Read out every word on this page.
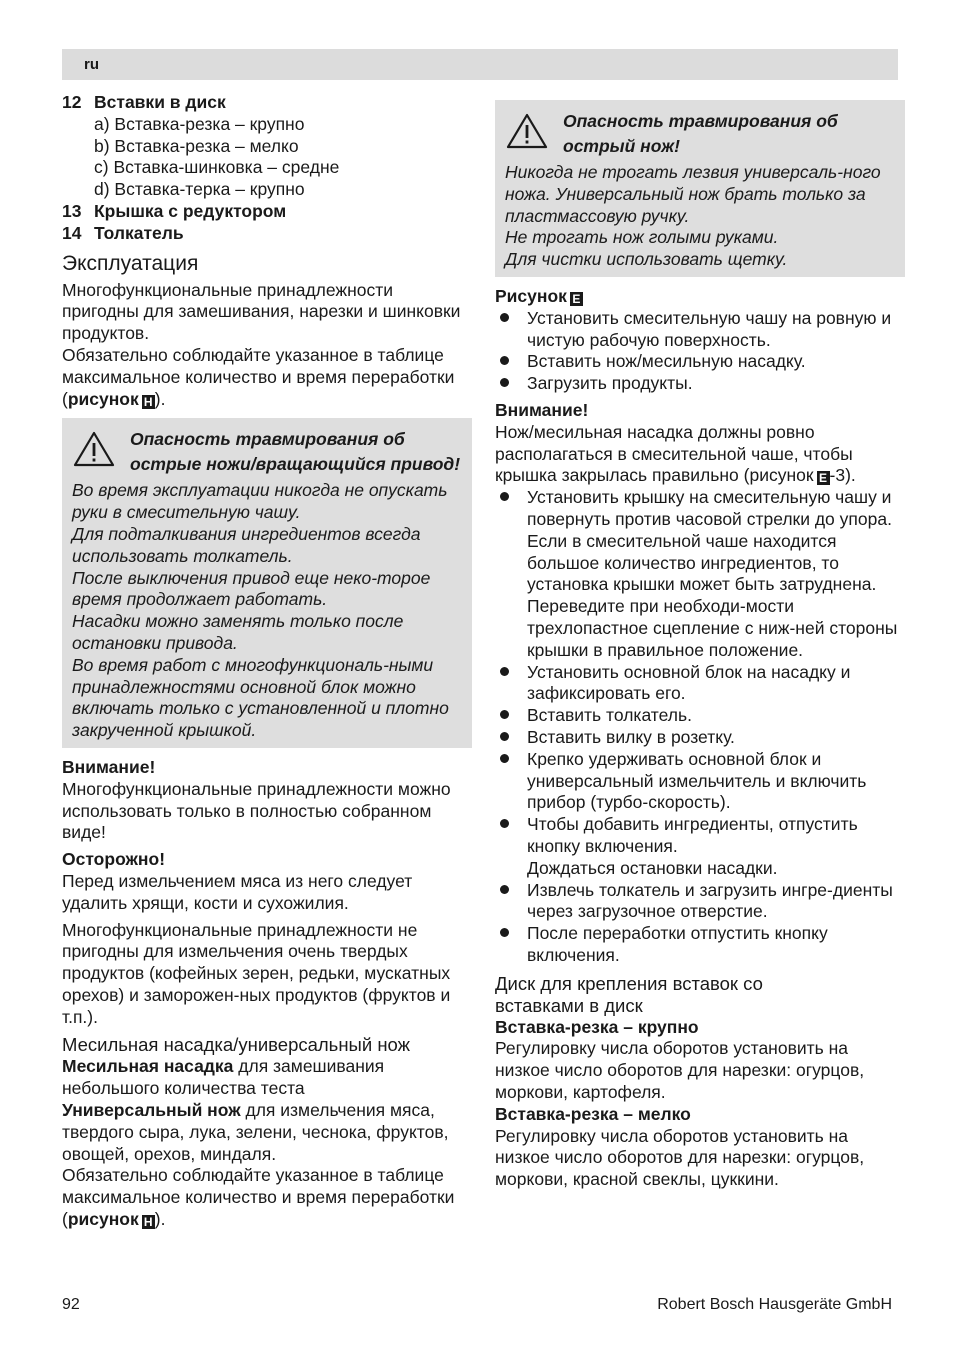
ru
12 Вставки в диск

a) Вставка-резка – крупно

b) Вставка-резка – мелко

c) Вставка-шинковка – средне

d) Вставка-терка – крупно

13 Крышка с редуктором
14 Толкатель
Эксплуатация

Многофункциональные принадлежности пригодны для замешивания, нарезки и шинковки продуктов.

Обязательно соблюдайте указанное в таблице максимальное количество и время переработки (рисунок H ).

Опасность травмирования об острые ножи/вращающийся привод!

Во время эксплуатации никогда не опускать руки в смесительную чашу.

Для подталкивания ингредиентов всегда использовать толкатель.

После выключения привод еще неко-торое время продолжает работать.

Насадки можно заменять только после остановки привода.

Во время работ с многофункциональ-ными принадлежностями основной блок можно включать только с установленной и плотно закрученной крышкой.

Внимание!

Многофункциональные принадлежности можно использовать только в полностью собранном виде!

Осторожно!

Перед измельчением мяса из него следует удалить хрящи, кости и сухожилия.

Многофункциональные принадлежности не пригодны для измельчения очень твердых продуктов (кофейных зерен, редьки, мускатных орехов) и заморожен-ных продуктов (фруктов и т.п.).

Месильная насадка/универсальный нож

Месильная насадка для замешивания небольшого количества теста

Универсальный нож для измельчения мяса, твердого сыра, лука, зелени, чеснока, фруктов, овощей, орехов, миндаля.

Обязательно соблюдайте указанное в таблице максимальное количество и время переработки (рисунок H ).

Опасность травмирования об острый нож!

Никогда не трогать лезвия универсаль-ного ножа. Универсальный нож брать только за пластмассовую ручку.

Не трогать нож голыми руками.

Для чистки использовать щетку.

РисунокE

Установить смесительную чашу на ровную и чистую рабочую поверхность.
Вставить нож/месильную насадку.
Загрузить продукты.

Внимание!

Нож/месильная насадка должны ровно располагаться в смесительной чаше, чтобы крышка закрылась правильно (рисунок E -3).

Установить крышку на смесительную чашу и повернуть против часовой стрелки до упора.
Если в смесительной чаше находится большое количество ингредиентов, то установка крышки может быть затруднена. Переведите при необходи-мости трехлопастное сцепление с ниж-ней стороны крышки в правильное положение.
Установить основной блок на насадку и зафиксировать его.
Вставить толкатель.
Вставить вилку в розетку.
Крепко удерживать основной блок и универсальный измельчитель и включить прибор (турбо-скорость).
Чтобы добавить ингредиенты, отпустить кнопку включения.
Дождаться остановки насадки.
Извлечь толкатель и загрузить ингре-диенты через загрузочное отверстие.
После переработки отпустить кнопку включения.
Диск для крепления вставок со вставками в диск

Вставка-резка – крупно

Регулировку числа оборотов установить на низкое число оборотов для нарезки: огурцов, моркови, картофеля.

Вставка-резка – мелко

Регулировку числа оборотов установить на низкое число оборотов для нарезки: огурцов, моркови, красной свеклы, цуккини.

92	Robert Bosch Hausgeräte GmbH
